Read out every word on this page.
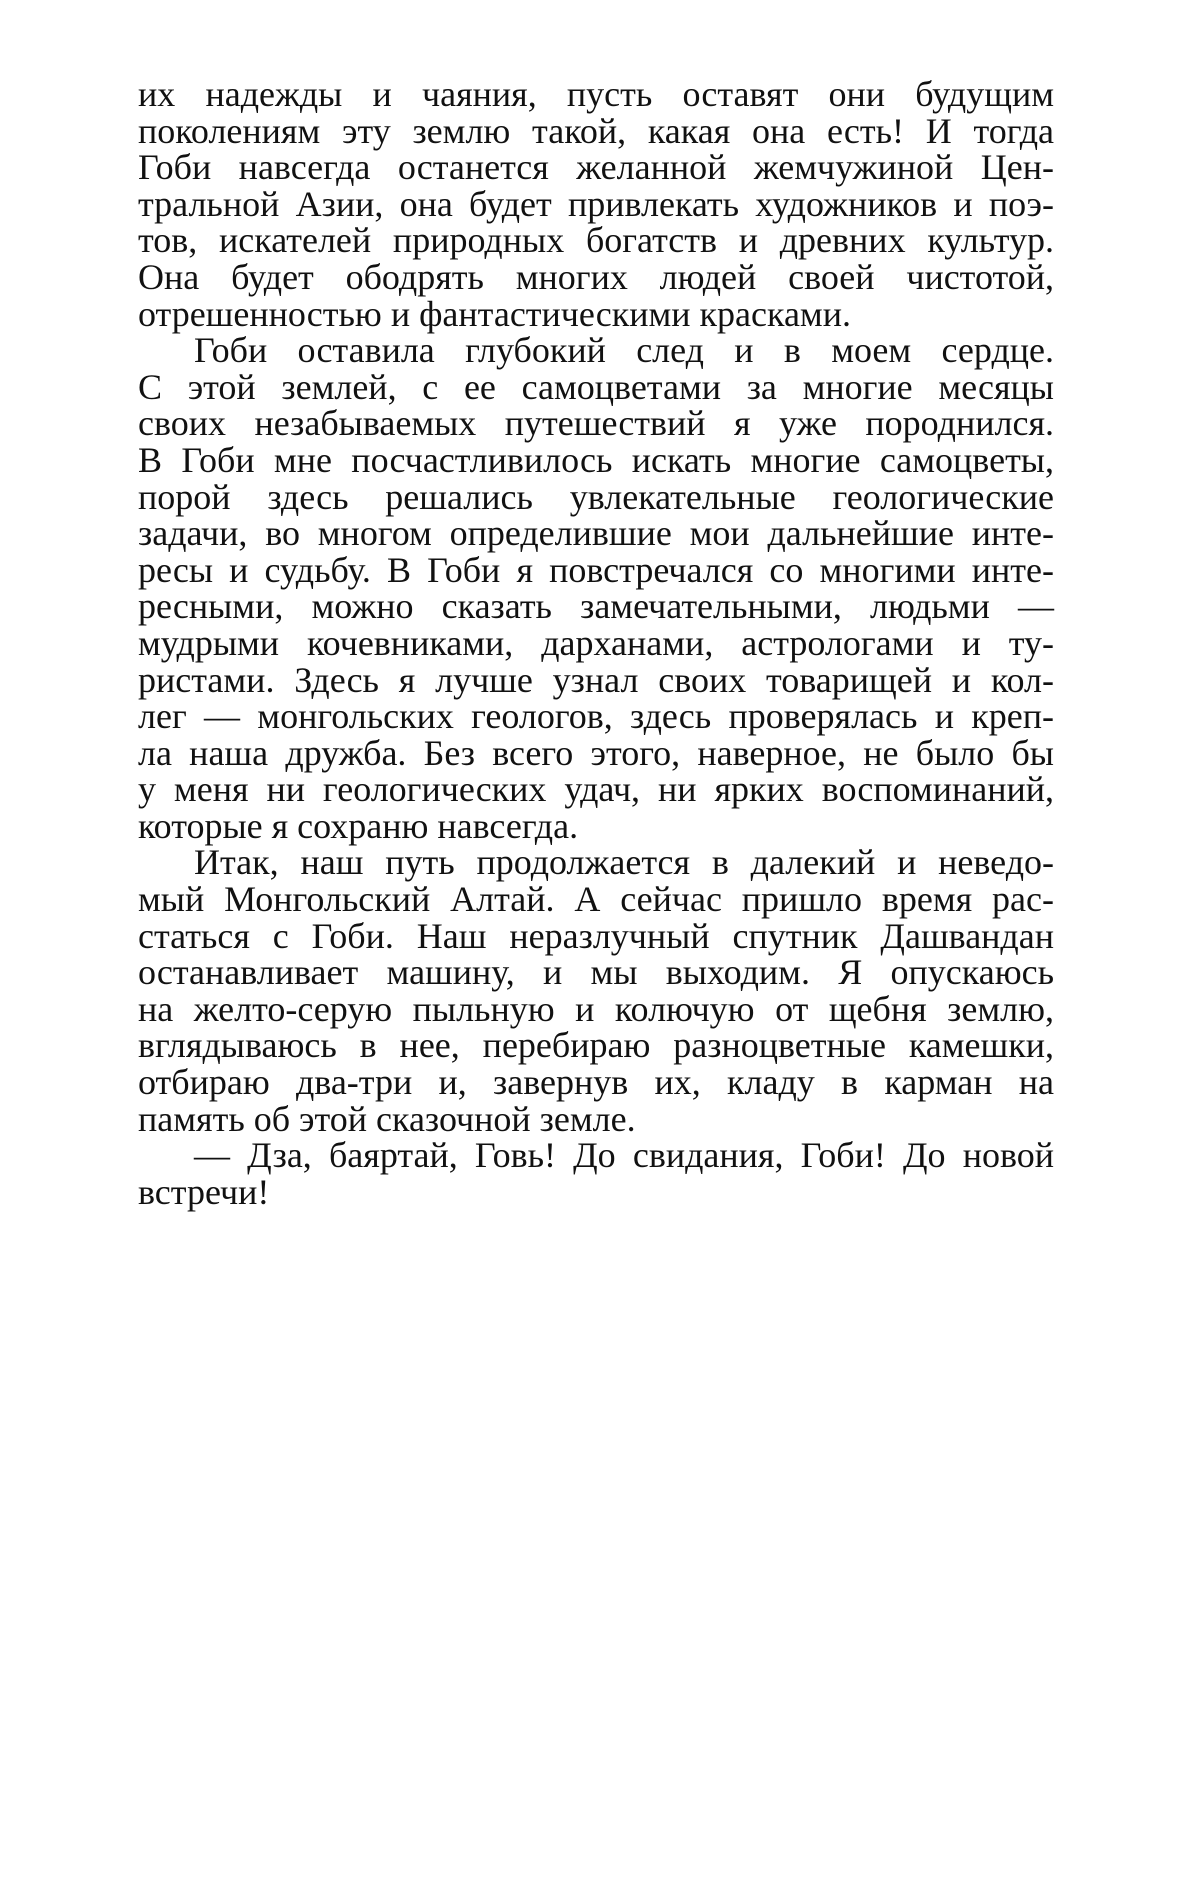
их надежды и чаяния, пусть оставят они будущим
поколениям эту землю такой, какая она есть! И тогда
Гоби навсегда останется желанной жемчужиной Цен-
тральной Азии, она будет привлекать художников и поэ-
тов, искателей природных богатств и древних культур.
Она будет ободрять многих людей своей чистотой,
отрешенностью и фантастическими красками.
Гоби оставила глубокий след и в моем сердце.
С этой землей, с ее самоцветами за многие месяцы
своих незабываемых путешествий я уже породнился.
В Гоби мне посчастливилось искать многие самоцветы,
порой здесь решались увлекательные геологические
задачи, во многом определившие мои дальнейшие инте-
ресы и судьбу. В Гоби я повстречался со многими инте-
ресными, можно сказать замечательными, людьми —
мудрыми кочевниками, дарханами, астрологами и ту-
ристами. Здесь я лучше узнал своих товарищей и кол-
лег — монгольских геологов, здесь проверялась и креп-
ла наша дружба. Без всего этого, наверное, не было бы
у меня ни геологических удач, ни ярких воспоминаний,
которые я сохраню навсегда.
Итак, наш путь продолжается в далекий и неведо-
мый Монгольский Алтай. А сейчас пришло время рас-
статься с Гоби. Наш неразлучный спутник Дашвандан
останавливает машину, и мы выходим. Я опускаюсь
на желто-серую пыльную и колючую от щебня землю,
вглядываюсь в нее, перебираю разноцветные камешки,
отбираю два-три и, завернув их, кладу в карман на
память об этой сказочной земле.
— Дза, баяртай, Говь! До свидания, Гоби! До новой
встречи!
